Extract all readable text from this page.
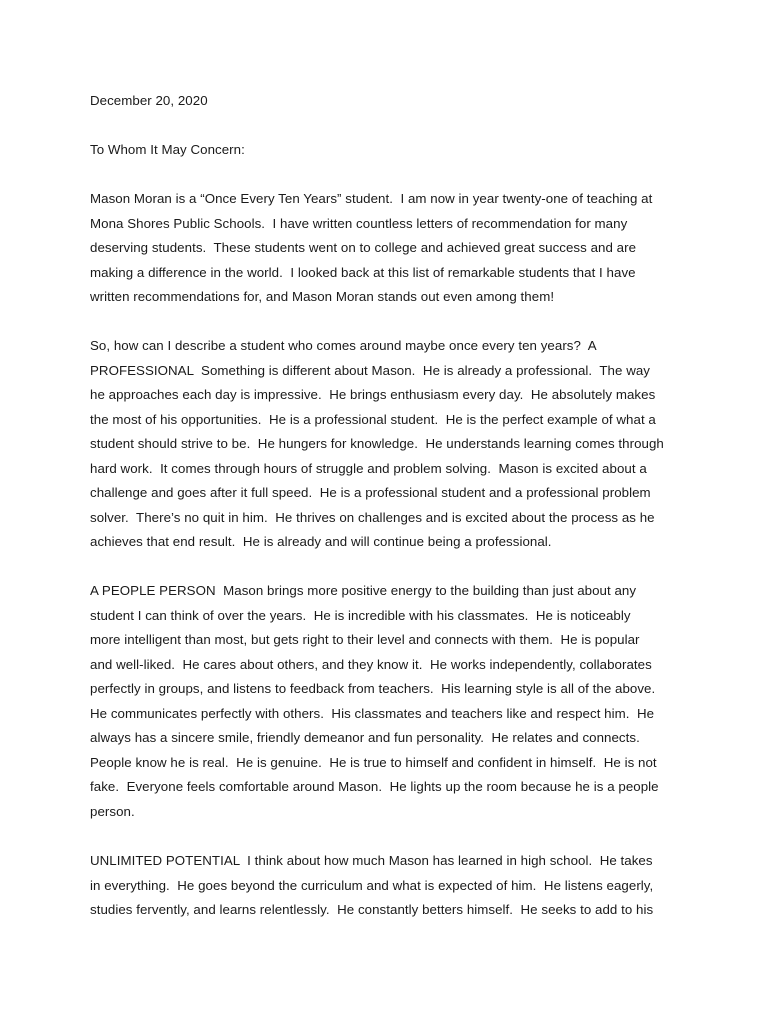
December 20, 2020

To Whom It May Concern:

Mason Moran is a “Once Every Ten Years” student.  I am now in year twenty-one of teaching at

Mona Shores Public Schools.  I have written countless letters of recommendation for many

deserving students.  These students went on to college and achieved great success and are

making a difference in the world.  I looked back at this list of remarkable students that I have

written recommendations for, and Mason Moran stands out even among them!

So, how can I describe a student who comes around maybe once every ten years?  A

PROFESSIONAL  Something is different about Mason.  He is already a professional.  The way

he approaches each day is impressive.  He brings enthusiasm every day.  He absolutely makes

the most of his opportunities.  He is a professional student.  He is the perfect example of what a

student should strive to be.  He hungers for knowledge.  He understands learning comes through

hard work.  It comes through hours of struggle and problem solving.  Mason is excited about a

challenge and goes after it full speed.  He is a professional student and a professional problem

solver.  There’s no quit in him.  He thrives on challenges and is excited about the process as he

achieves that end result.  He is already and will continue being a professional.

A PEOPLE PERSON  Mason brings more positive energy to the building than just about any

student I can think of over the years.  He is incredible with his classmates.  He is noticeably

more intelligent than most, but gets right to their level and connects with them.  He is popular

and well-liked.  He cares about others, and they know it.  He works independently, collaborates

perfectly in groups, and listens to feedback from teachers.  His learning style is all of the above.

He communicates perfectly with others.  His classmates and teachers like and respect him.  He

always has a sincere smile, friendly demeanor and fun personality.  He relates and connects.

People know he is real.  He is genuine.  He is true to himself and confident in himself.  He is not

fake.  Everyone feels comfortable around Mason.  He lights up the room because he is a people

person.

UNLIMITED POTENTIAL  I think about how much Mason has learned in high school.  He takes

in everything.  He goes beyond the curriculum and what is expected of him.  He listens eagerly,

studies fervently, and learns relentlessly.  He constantly betters himself.  He seeks to add to his
